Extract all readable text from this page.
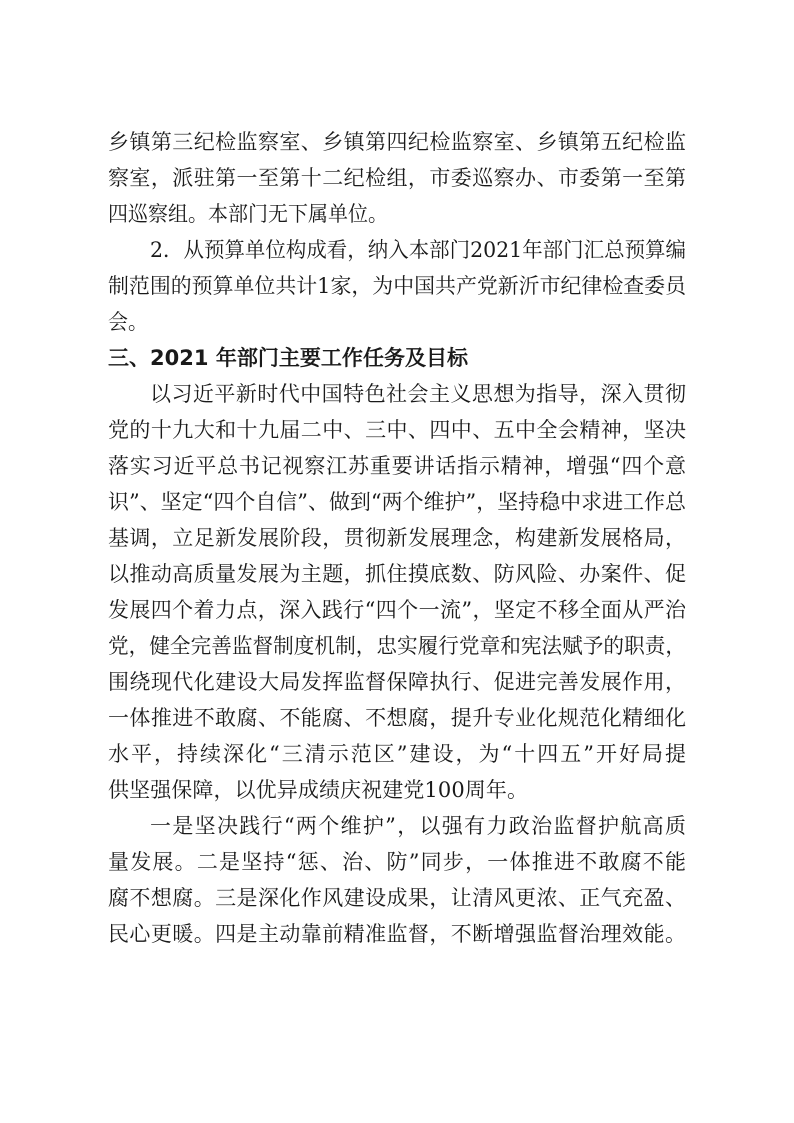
乡镇第三纪检监察室、乡镇第四纪检监察室、乡镇第五纪检监
察室，派驻第一至第十二纪检组，市委巡察办、市委第一至第
四巡察组。本部门无下属单位。
2．从预算单位构成看，纳入本部门2021年部门汇总预算编
制范围的预算单位共计1家，为中国共产党新沂市纪律检查委员
会。
三、2021 年部门主要工作任务及目标
以习近平新时代中国特色社会主义思想为指导，深入贯彻
党的十九大和十九届二中、三中、四中、五中全会精神，坚决
落实习近平总书记视察江苏重要讲话指示精神，增强“四个意
识”、坚定“四个自信”、做到“两个维护”，坚持稳中求进工作总
基调，立足新发展阶段，贯彻新发展理念，构建新发展格局，
以推动高质量发展为主题，抓住摸底数、防风险、办案件、促
发展四个着力点，深入践行“四个一流”，坚定不移全面从严治
党，健全完善监督制度机制，忠实履行党章和宪法赋予的职责，
围绕现代化建设大局发挥监督保障执行、促进完善发展作用，
一体推进不敢腐、不能腐、不想腐，提升专业化规范化精细化
水平，持续深化“三清示范区”建设，为“十四五”开好局提
供坚强保障，以优异成绩庆祝建党100周年。
一是坚决践行“两个维护”，以强有力政治监督护航高质
量发展。二是坚持“惩、治、防”同步，一体推进不敢腐不能
腐不想腐。三是深化作风建设成果，让清风更浓、正气充盈、
民心更暖。四是主动靠前精准监督，不断增强监督治理效能。
